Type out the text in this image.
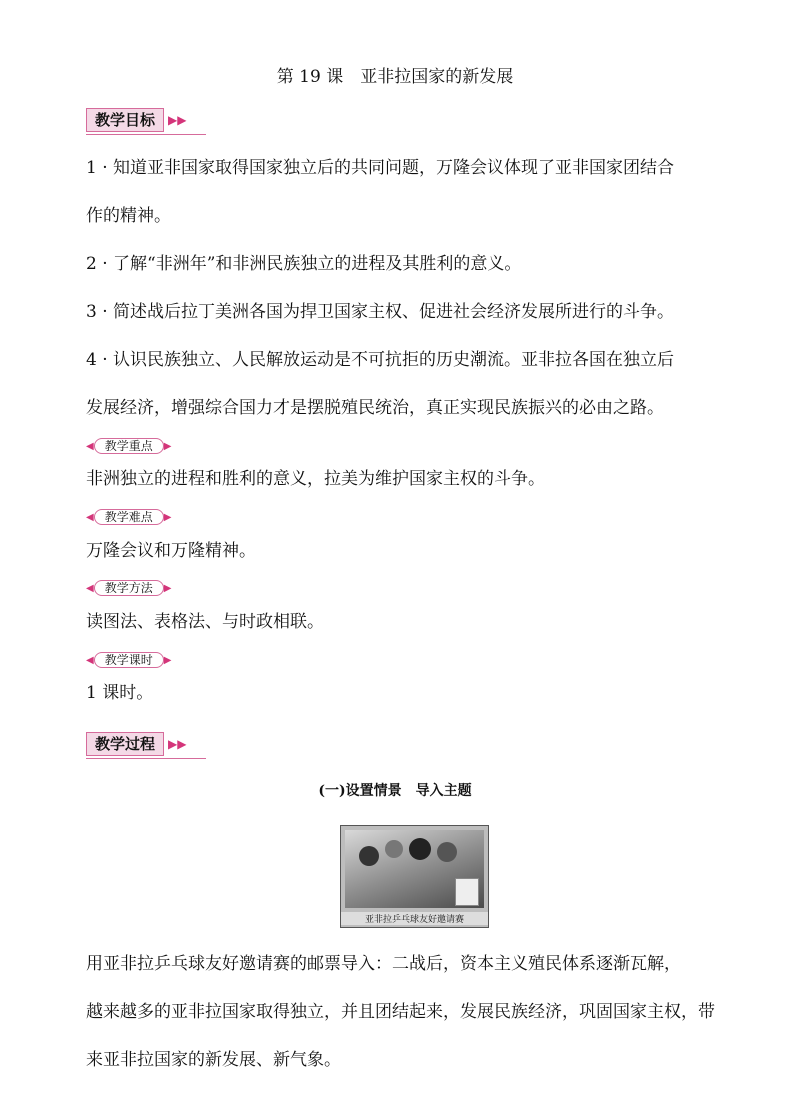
第 19 课　亚非拉国家的新发展
教学目标	▶▶
1 · 知道亚非国家取得国家独立后的共同问题，万隆会议体现了亚非国家团结合
作的精神。
2 · 了解“非洲年”和非洲民族独立的进程及其胜利的意义。
3 · 简述战后拉丁美洲各国为捍卫国家主权、促进社会经济发展所进行的斗争。
4 · 认识民族独立、人民解放运动是不可抗拒的历史潮流。亚非拉各国在独立后
发展经济，增强综合国力才是摆脱殖民统治，真正实现民族振兴的必由之路。
◀ 教学重点	▶
非洲独立的进程和胜利的意义，拉美为维护国家主权的斗争。
◀ 教学难点	▶
万隆会议和万隆精神。
◀ 教学方法	▶
读图法、表格法、与时政相联。
◀ 教学课时	▶
1 课时。
教学过程	▶▶
(一)设置情景　导入主题
亚非拉乒乓球友好邀请赛
用亚非拉乒乓球友好邀请赛的邮票导入：二战后，资本主义殖民体系逐渐瓦解，
越来越多的亚非拉国家取得独立，并且团结起来，发展民族经济，巩固国家主权，带
来亚非拉国家的新发展、新气象。
